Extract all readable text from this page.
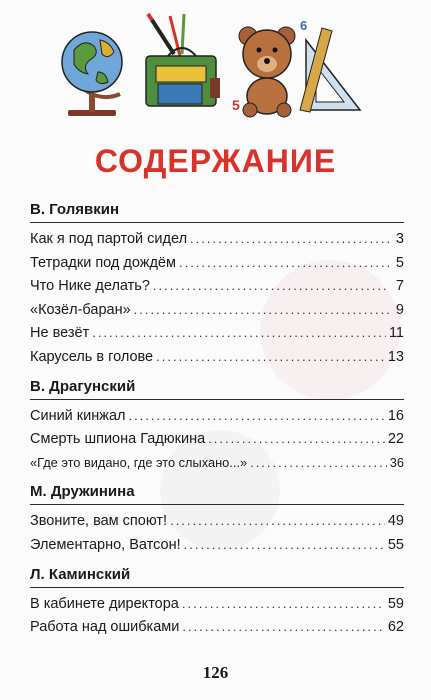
5
6
СОДЕРЖАНИЕ
В. Голявкин
Как я под партой сидел .....	3
Тетрадки под дождём .....	5
Что Нике делать? .....	7
«Козёл-баран» .....	9
Не везёт .....	11
Карусель в голове .....	13
В. Драгунский
Синий кинжал .....	16
Смерть шпиона Гадюкина .....	22
«Где это видано, где это слыхано...» .....	36
М. Дружинина
Звоните, вам споют! .....	49
Элементарно, Ватсон! .....	55
Л. Каминский
В кабинете директора .....	59
Работа над ошибками .....	62
126
